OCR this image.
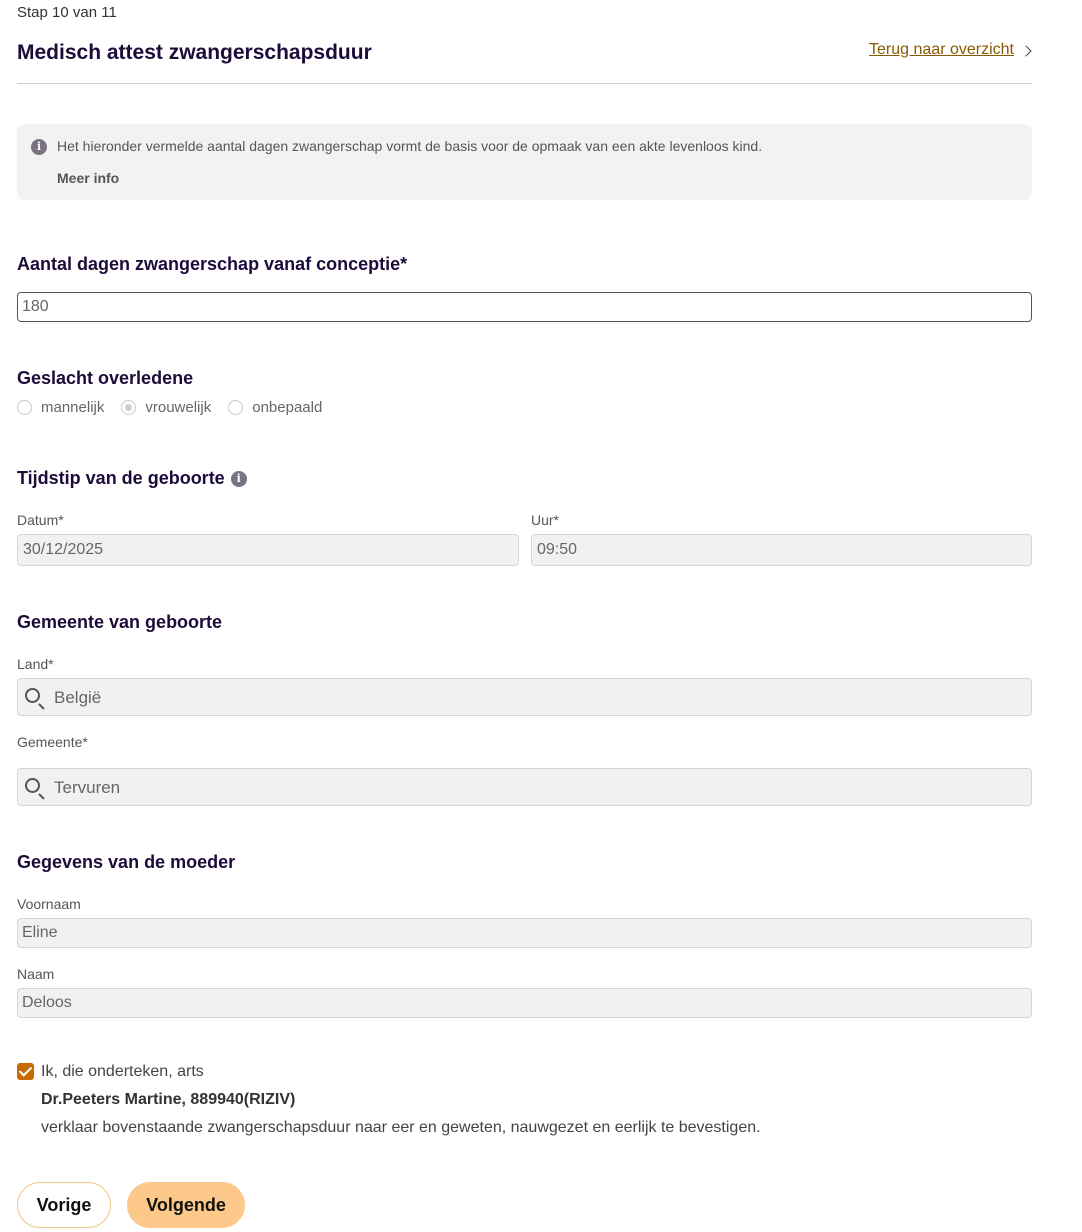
Stap 10 van 11
Medisch attest zwangerschapsduur	Terug naar overzicht
i	Het hieronder vermelde aantal dagen zwangerschap vormt de basis voor de opmaak van een akte levenloos kind.
Meer info
Aantal dagen zwangerschap vanaf conceptie*
180
Geslacht overledene
mannelijk	vrouwelijk	onbepaald
Tijdstip van de geboorte i
Datum*	Uur*
30/12/2025	09:50
Gemeente van geboorte
Land*
België
Gemeente*
Tervuren
Gegevens van de moeder
Voornaam
Eline
Naam
Deloos
Ik, die onderteken, arts
Dr.Peeters Martine, 889940(RIZIV)
verklaar bovenstaande zwangerschapsduur naar eer en geweten, nauwgezet en eerlijk te bevestigen.
Vorige	Volgende
